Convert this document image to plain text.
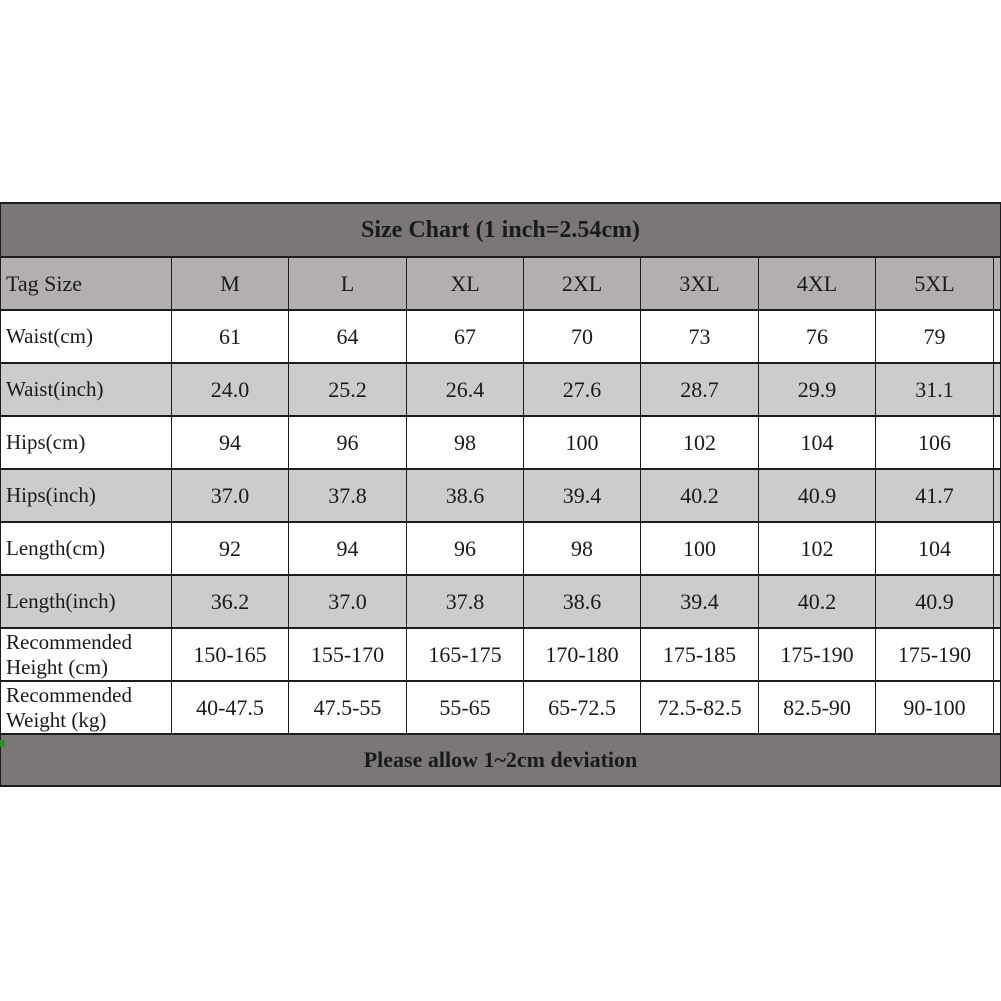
Size Chart (1 inch=2.54cm)								
Tag Size	M	L	XL	2XL	3XL	4XL	5XL	
Waist(cm)	61	64	67	70	73	76	79	
Waist(inch)	24.0	25.2	26.4	27.6	28.7	29.9	31.1	
Hips(cm)	94	96	98	100	102	104	106	
Hips(inch)	37.0	37.8	38.6	39.4	40.2	40.9	41.7	
Length(cm)	92	94	96	98	100	102	104	
Length(inch)	36.2	37.0	37.8	38.6	39.4	40.2	40.9	
Recommended Height (cm)	150-165	155-170	165-175	170-180	175-185	175-190	175-190	
Recommended Weight (kg)	40-47.5	47.5-55	55-65	65-72.5	72.5-82.5	82.5-90	90-100	
Please allow 1~2cm deviation								
